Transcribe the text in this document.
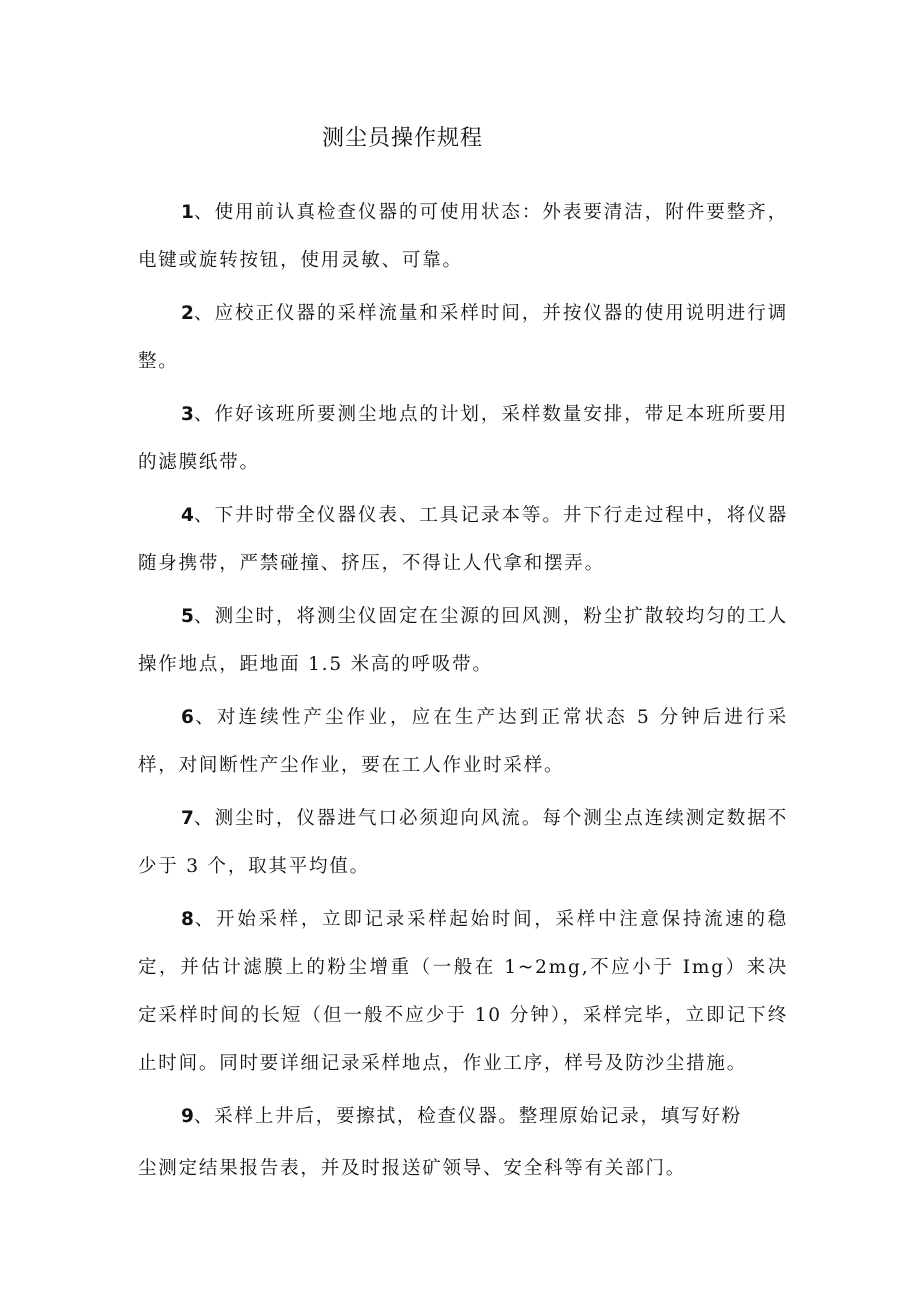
测尘员操作规程

1、使用前认真检查仪器的可使用状态：外表要清洁，附件要整齐，电键或旋转按钮，使用灵敏、可靠。

2、应校正仪器的采样流量和采样时间，并按仪器的使用说明进行调整。

3、作好该班所要测尘地点的计划，采样数量安排，带足本班所要用的滤膜纸带。

4、下井时带全仪器仪表、工具记录本等。井下行走过程中，将仪器随身携带，严禁碰撞、挤压，不得让人代拿和摆弄。

5、测尘时，将测尘仪固定在尘源的回风测，粉尘扩散较均匀的工人操作地点，距地面 1.5 米高的呼吸带。

6、对连续性产尘作业，应在生产达到正常状态 5 分钟后进行采样，对间断性产尘作业，要在工人作业时采样。

7、测尘时，仪器进气口必须迎向风流。每个测尘点连续测定数据不少于 3 个，取其平均值。

8、开始采样，立即记录采样起始时间，采样中注意保持流速的稳定，并估计滤膜上的粉尘增重（一般在 1~2mg,不应小于 Img）来决定采样时间的长短（但一般不应少于 10 分钟），采样完毕，立即记下终止时间。同时要详细记录采样地点，作业工序，样号及防沙尘措施。

9、采样上井后，要擦拭，检查仪器。整理原始记录，填写好粉
尘测定结果报告表，并及时报送矿领导、安全科等有关部门。
